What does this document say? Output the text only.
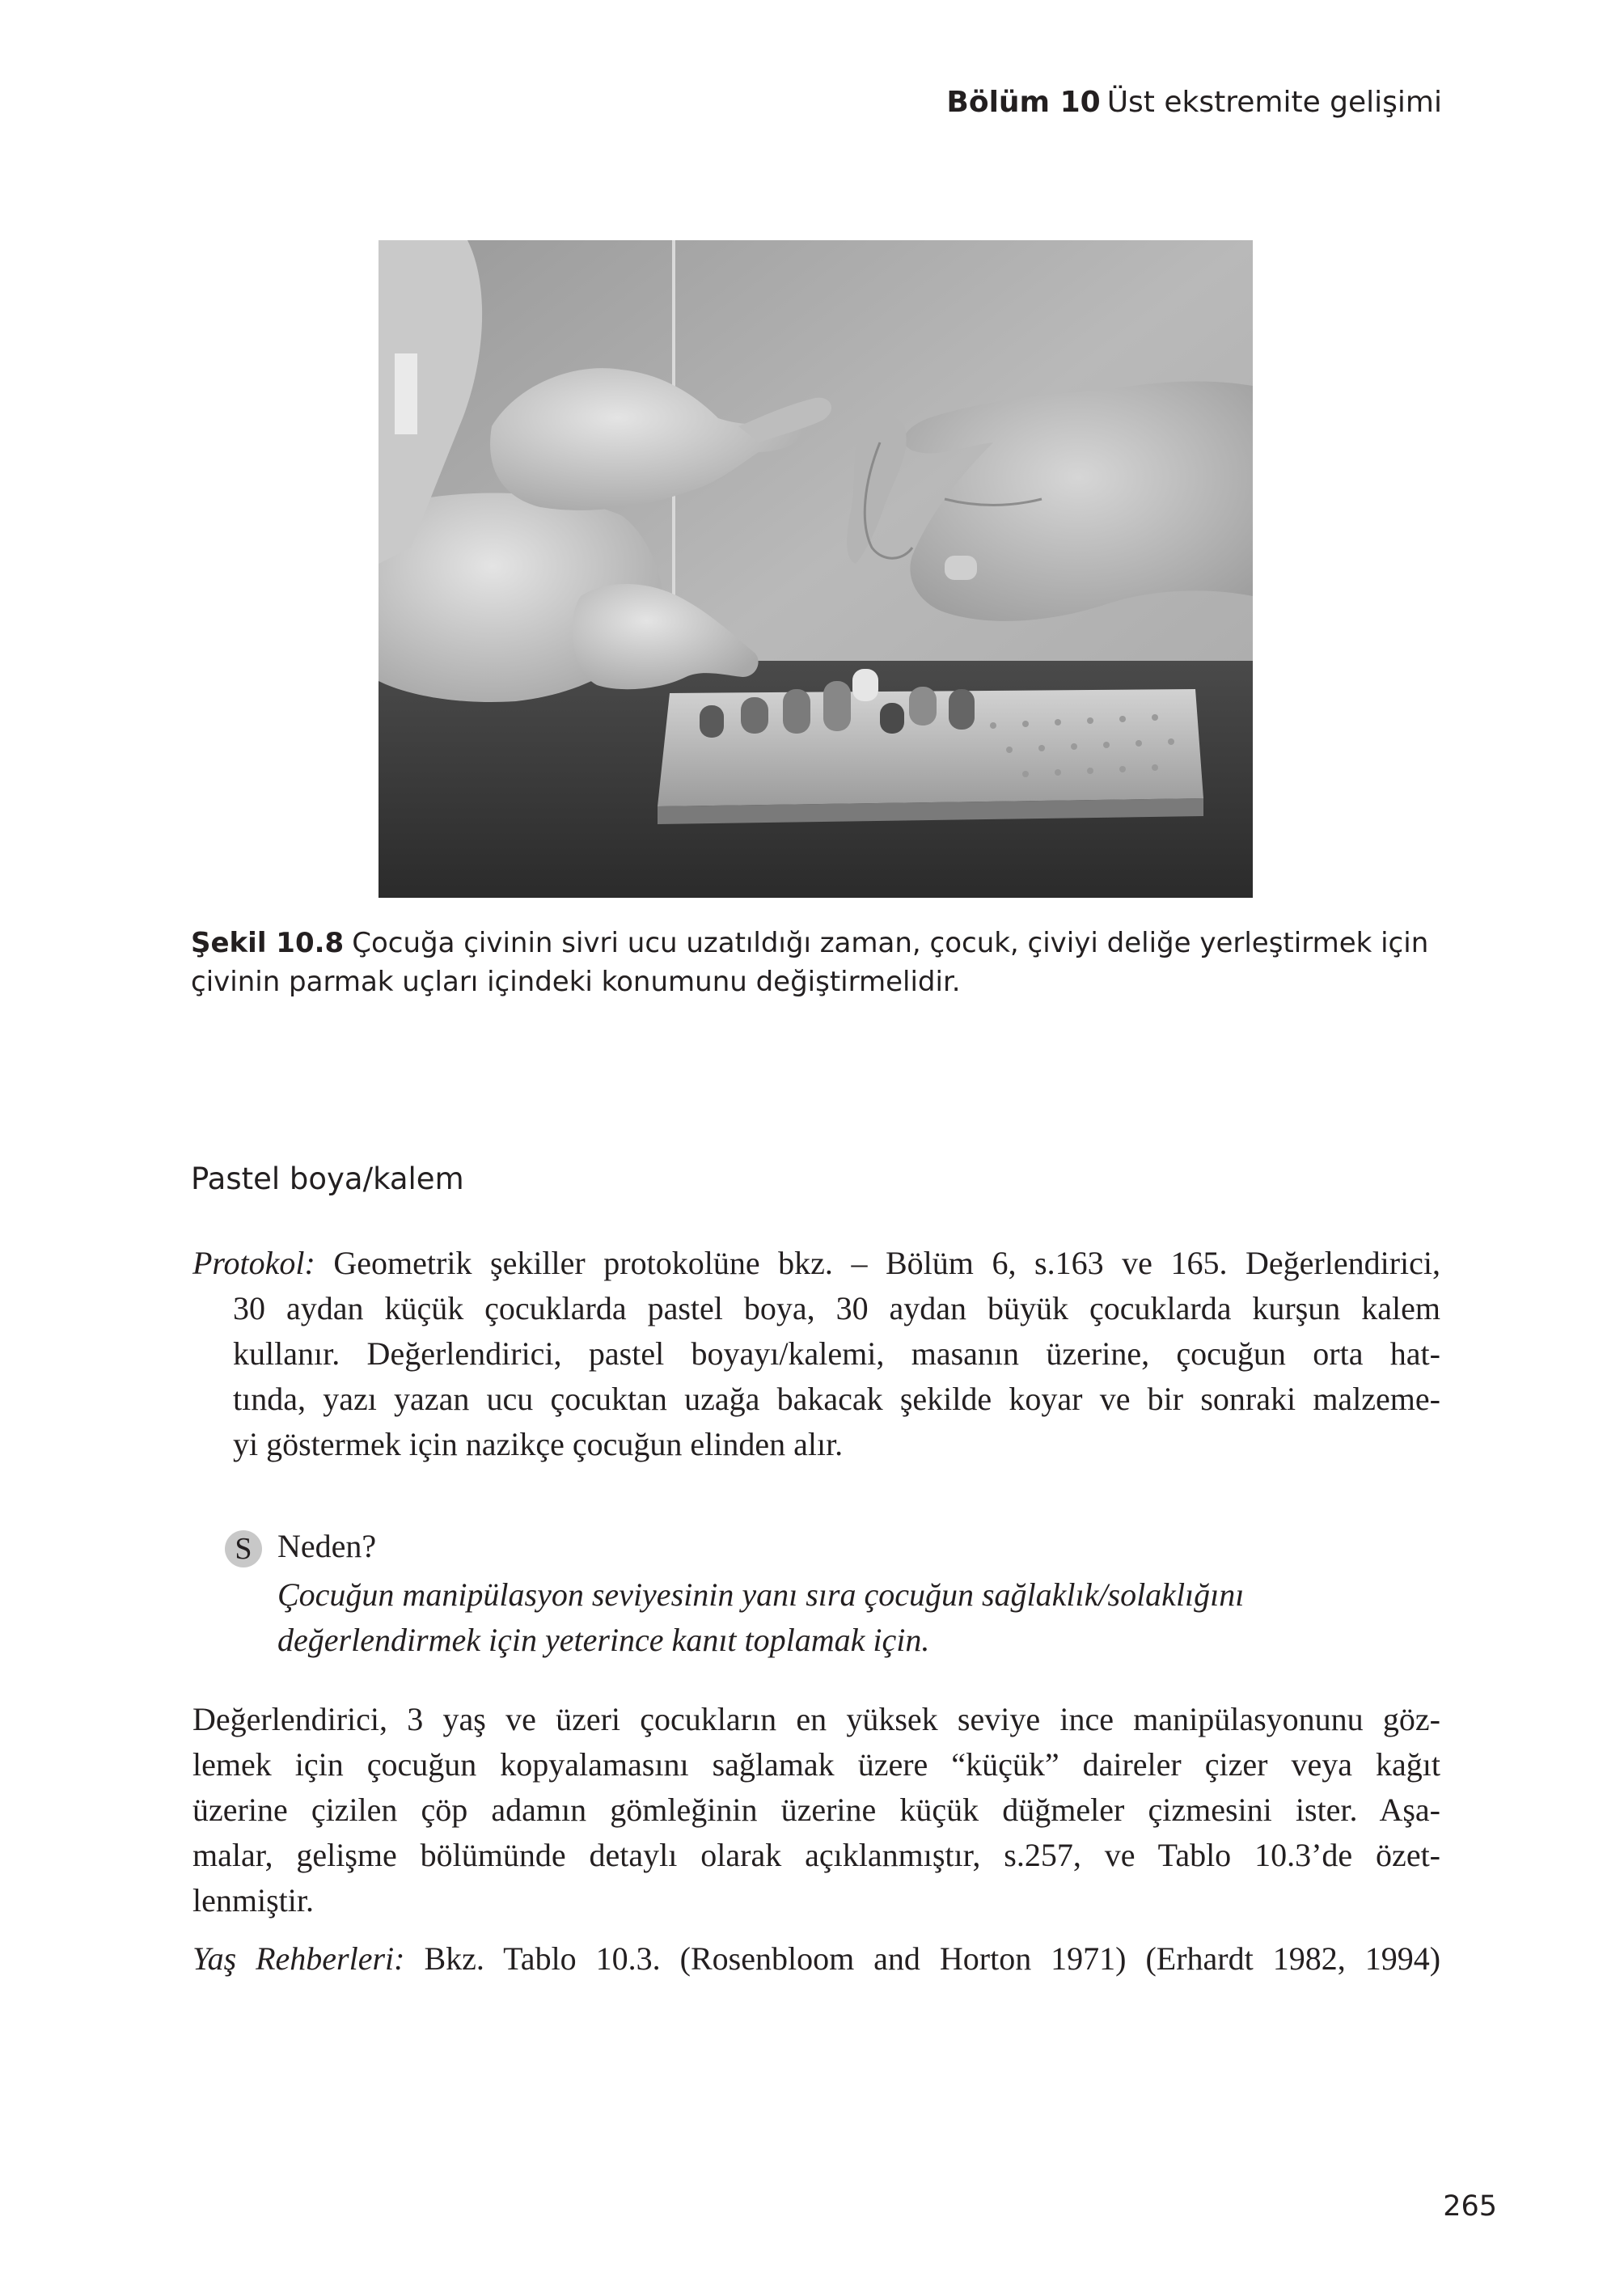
Bölüm 10 Üst ekstremite gelişimi
Şekil 10.8 Çocuğa çivinin sivri ucu uzatıldığı zaman, çocuk, çiviyi deliğe yerleştirmek için
çivinin parmak uçları içindeki konumunu değiştirmelidir.
Pastel boya/kalem
Protokol: Geometrik şekiller protokolüne bkz. – Bölüm 6, s.163 ve 165. Değerlendirici,
30 aydan küçük çocuklarda pastel boya, 30 aydan büyük çocuklarda kurşun kalem
kullanır. Değerlendirici, pastel boyayı/kalemi, masanın üzerine, çocuğun orta hat-
tında, yazı yazan ucu çocuktan uzağa bakacak şekilde koyar ve bir sonraki malzeme-
yi göstermek için nazikçe çocuğun elinden alır.
S Neden?
Çocuğun manipülasyon seviyesinin yanı sıra çocuğun sağlaklık/solaklığını
değerlendirmek için yeterince kanıt toplamak için.
Değerlendirici, 3 yaş ve üzeri çocukların en yüksek seviye ince manipülasyonunu göz-
lemek için çocuğun kopyalamasını sağlamak üzere “küçük” daireler çizer veya kağıt
üzerine çizilen çöp adamın gömleğinin üzerine küçük düğmeler çizmesini ister. Aşa-
malar, gelişme bölümünde detaylı olarak açıklanmıştır, s.257, ve Tablo 10.3’de özet-
lenmiştir.
Yaş Rehberleri: Bkz. Tablo 10.3. (Rosenbloom and Horton 1971) (Erhardt 1982, 1994)
265
